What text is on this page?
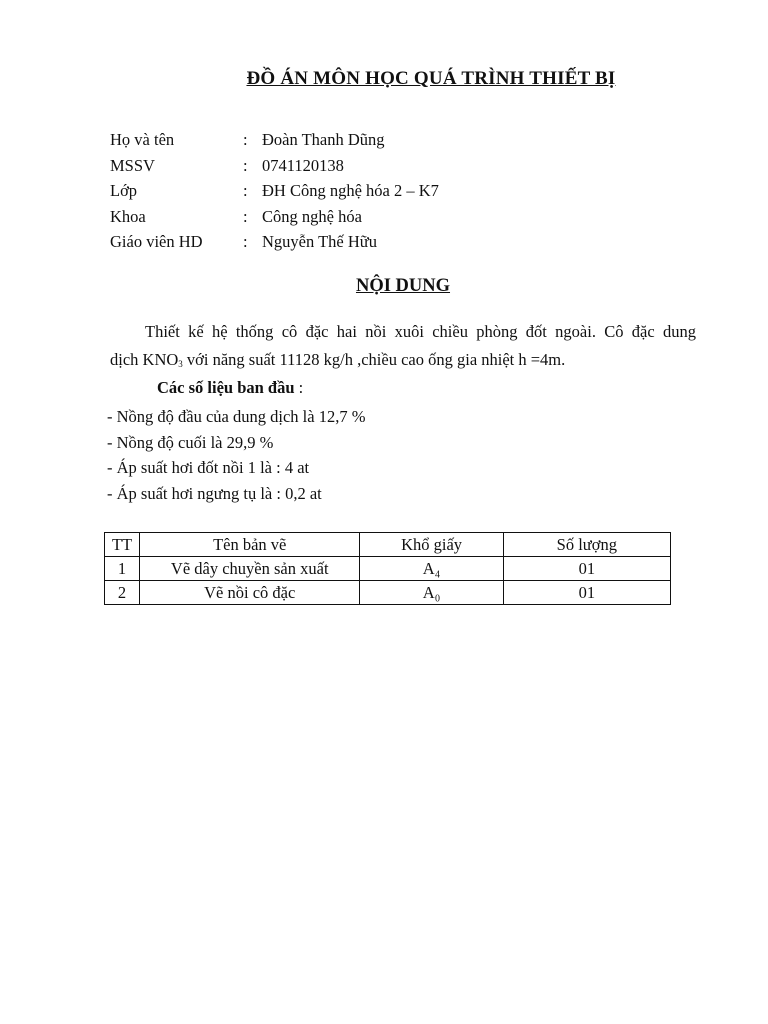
ĐỒ ÁN MÔN HỌC QUÁ TRÌNH THIẾT BỊ
Họ và tên	: Đoàn Thanh Dũng
MSSV	: 0741120138
Lớp	: ĐH Công nghệ hóa 2 – K7
Khoa	: Công nghệ hóa
Giáo viên HD	: Nguyễn Thế Hữu
NỘI DUNG
Thiết kế hệ thống cô đặc hai nồi xuôi chiều phòng đốt ngoài. Cô đặc dung
dịch $KNO_3$ với năng suất 11128 kg/h ,chiều cao ống gia nhiệt h =4m.
Các số liệu ban đầu :
- Nồng độ đầu của dung dịch là 12,7 %
- Nồng độ cuối là 29,9 %
- Áp suất hơi đốt nồi 1 là : 4 at
- Áp suất hơi ngưng tụ là : 0,2 at
TT	Tên bản vẽ	Khổ giấy	Số lượng
1	Vẽ dây chuyền sản xuất	A₄	01
2	Vẽ nồi cô đặc	A₀	01
